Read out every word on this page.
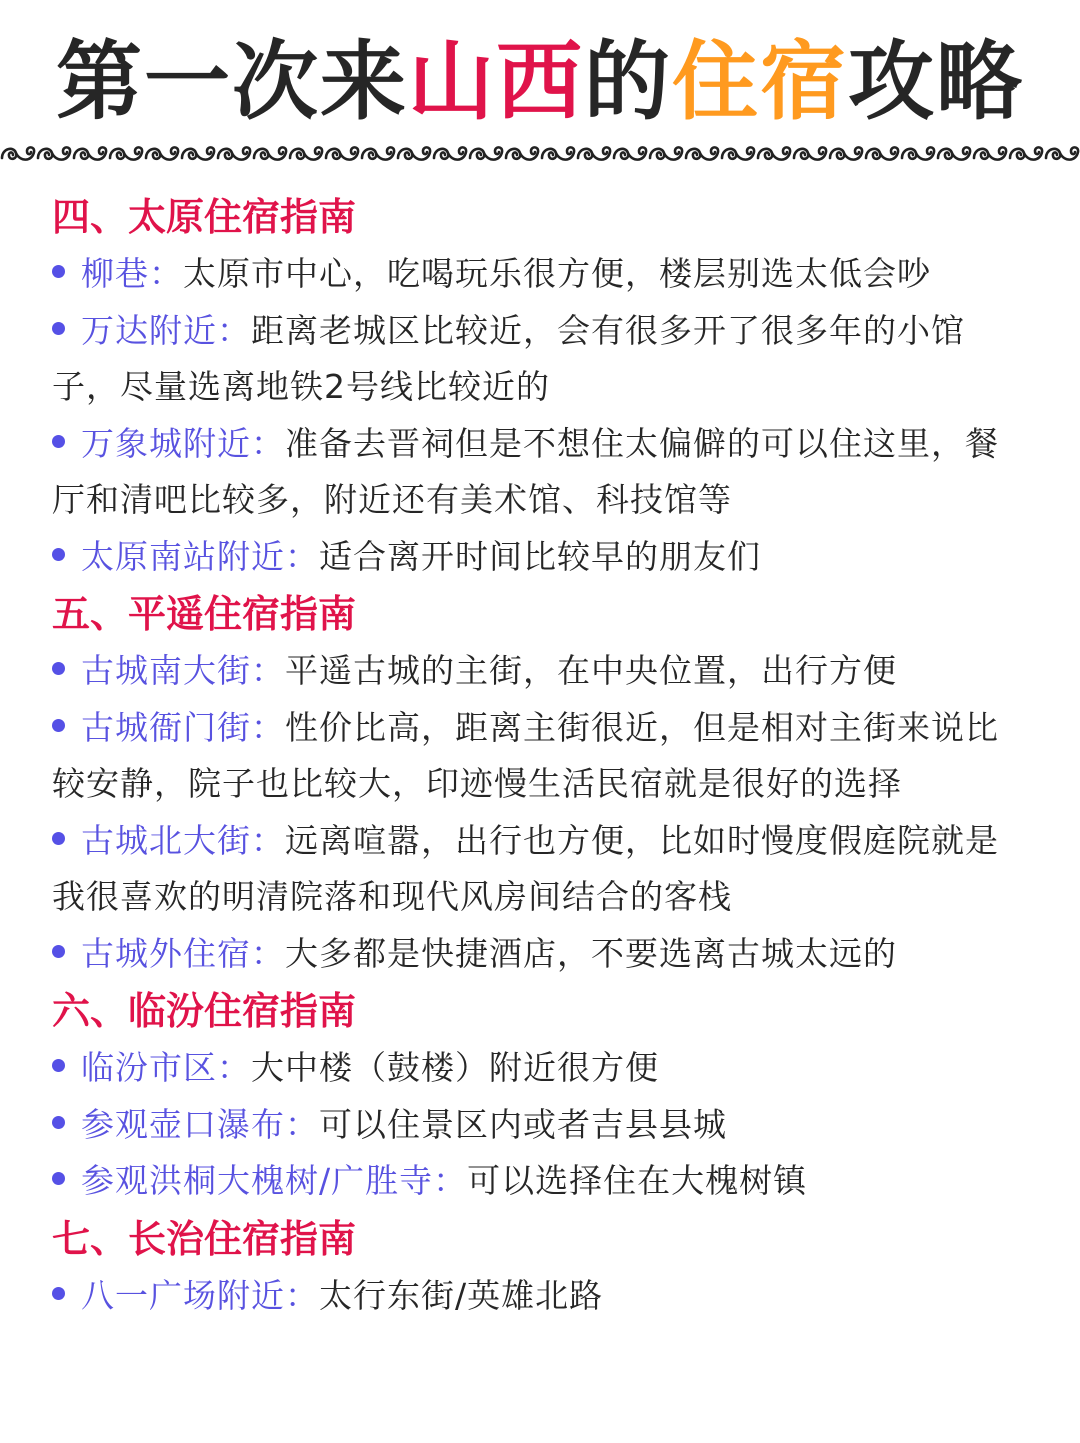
第一次来山西的住宿攻略
四、太原住宿指南
柳巷：太原市中心，吃喝玩乐很方便，楼层别选太低会吵
万达附近：距离老城区比较近，会有很多开了很多年的小馆子，尽量选离地铁2号线比较近的
万象城附近：准备去晋祠但是不想住太偏僻的可以住这里，餐厅和清吧比较多，附近还有美术馆、科技馆等
太原南站附近：适合离开时间比较早的朋友们
五、平遥住宿指南
古城南大街：平遥古城的主街，在中央位置，出行方便
古城衙门街：性价比高，距离主街很近，但是相对主街来说比较安静，院子也比较大，印迹慢生活民宿就是很好的选择
古城北大街：远离喧嚣，出行也方便，比如时慢度假庭院就是我很喜欢的明清院落和现代风房间结合的客栈
古城外住宿：大多都是快捷酒店，不要选离古城太远的
六、临汾住宿指南
临汾市区：大中楼（鼓楼）附近很方便
参观壶口瀑布：可以住景区内或者吉县县城
参观洪桐大槐树/广胜寺：可以选择住在大槐树镇
七、长治住宿指南
八一广场附近：太行东街/英雄北路
